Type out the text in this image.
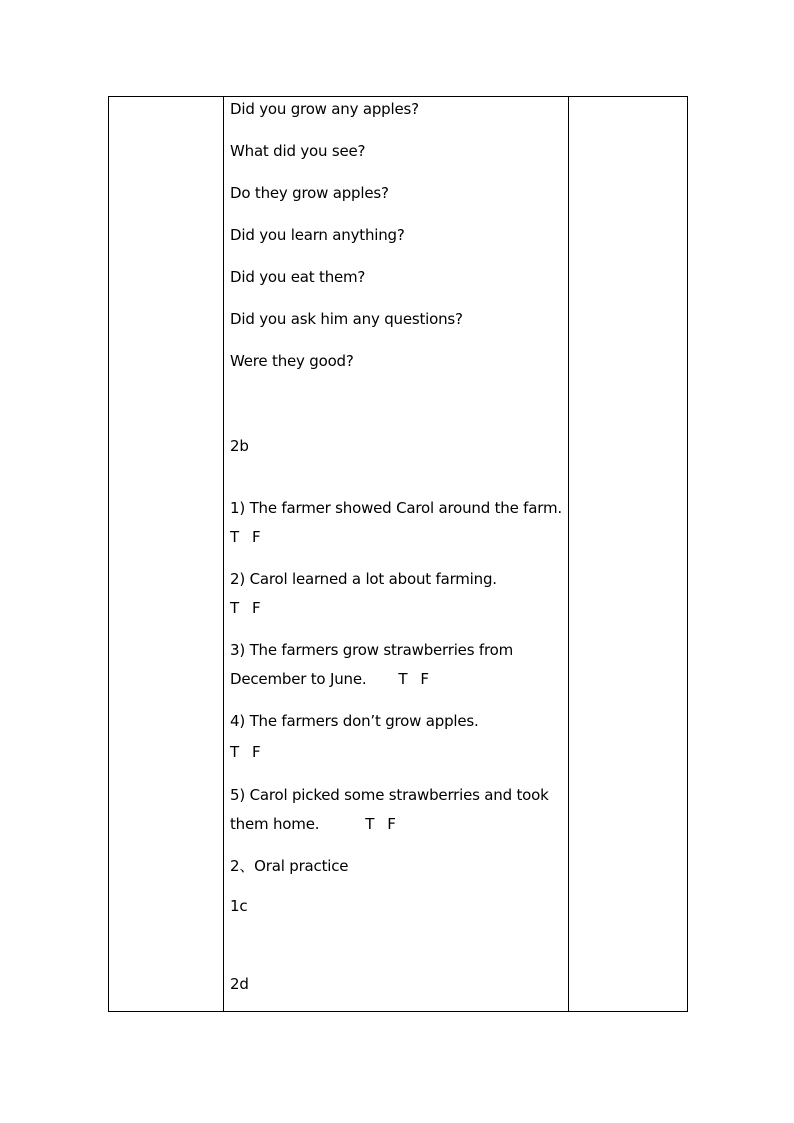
Did you grow any apples?
What did you see?
Do they grow apples?
Did you learn anything?
Did you eat them?
Did you ask him any questions?
Were they good?
2b
1) The farmer showed Carol around the farm.
T F
2) Carol learned a lot about farming.
T F
3) The farmers grow strawberries from
December to June. T F
4) The farmers don’t grow apples.
T F
5) Carol picked some strawberries and took
them home.	T F
2、Oral practice
1c
2d
